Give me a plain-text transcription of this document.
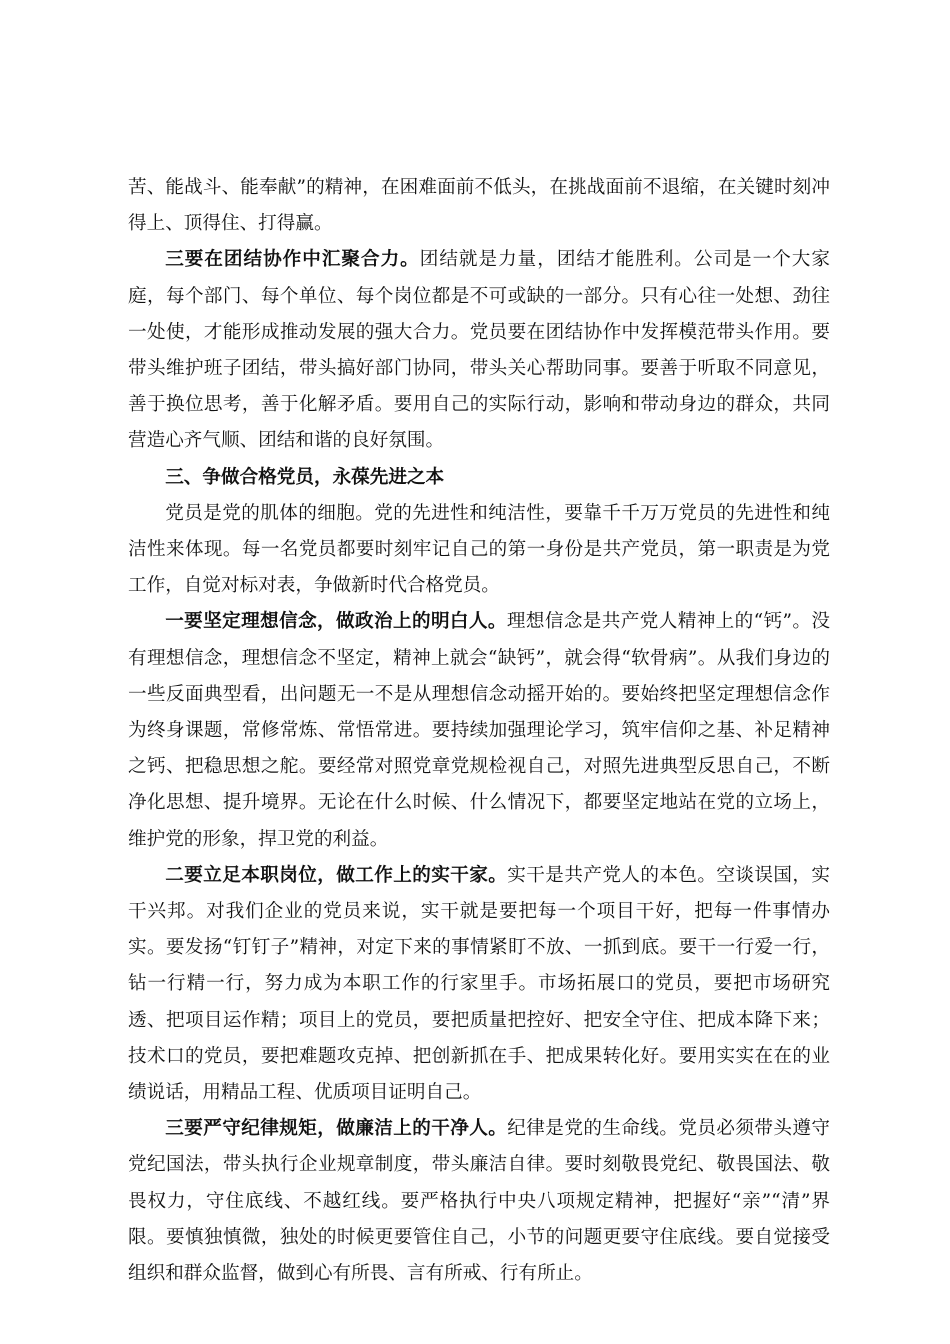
苦、能战斗、能奉献”的精神，在困难面前不低头，在挑战面前不退缩，在关键时刻冲得上、顶得住、打得赢。

三要在团结协作中汇聚合力。团结就是力量，团结才能胜利。公司是一个大家庭，每个部门、每个单位、每个岗位都是不可或缺的一部分。只有心往一处想、劲往一处使，才能形成推动发展的强大合力。党员要在团结协作中发挥模范带头作用。要带头维护班子团结，带头搞好部门协同，带头关心帮助同事。要善于听取不同意见，善于换位思考，善于化解矛盾。要用自己的实际行动，影响和带动身边的群众，共同营造心齐气顺、团结和谐的良好氛围。

三、争做合格党员，永葆先进之本

党员是党的肌体的细胞。党的先进性和纯洁性，要靠千千万万党员的先进性和纯洁性来体现。每一名党员都要时刻牢记自己的第一身份是共产党员，第一职责是为党工作，自觉对标对表，争做新时代合格党员。

一要坚定理想信念，做政治上的明白人。理想信念是共产党人精神上的“钙”。没有理想信念，理想信念不坚定，精神上就会“缺钙”，就会得“软骨病”。从我们身边的一些反面典型看，出问题无一不是从理想信念动摇开始的。要始终把坚定理想信念作为终身课题，常修常炼、常悟常进。要持续加强理论学习，筑牢信仰之基、补足精神之钙、把稳思想之舵。要经常对照党章党规检视自己，对照先进典型反思自己，不断净化思想、提升境界。无论在什么时候、什么情况下，都要坚定地站在党的立场上，维护党的形象，捍卫党的利益。

二要立足本职岗位，做工作上的实干家。实干是共产党人的本色。空谈误国，实干兴邦。对我们企业的党员来说，实干就是要把每一个项目干好，把每一件事情办实。要发扬“钉钉子”精神，对定下来的事情紧盯不放、一抓到底。要干一行爱一行，钻一行精一行，努力成为本职工作的行家里手。市场拓展口的党员，要把市场研究透、把项目运作精；项目上的党员，要把质量把控好、把安全守住、把成本降下来；技术口的党员，要把难题攻克掉、把创新抓在手、把成果转化好。要用实实在在的业绩说话，用精品工程、优质项目证明自己。

三要严守纪律规矩，做廉洁上的干净人。纪律是党的生命线。党员必须带头遵守党纪国法，带头执行企业规章制度，带头廉洁自律。要时刻敬畏党纪、敬畏国法、敬畏权力，守住底线、不越红线。要严格执行中央八项规定精神，把握好“亲”“清”界限。要慎独慎微，独处的时候更要管住自己，小节的问题更要守住底线。要自觉接受组织和群众监督，做到心有所畏、言有所戒、行有所止。
